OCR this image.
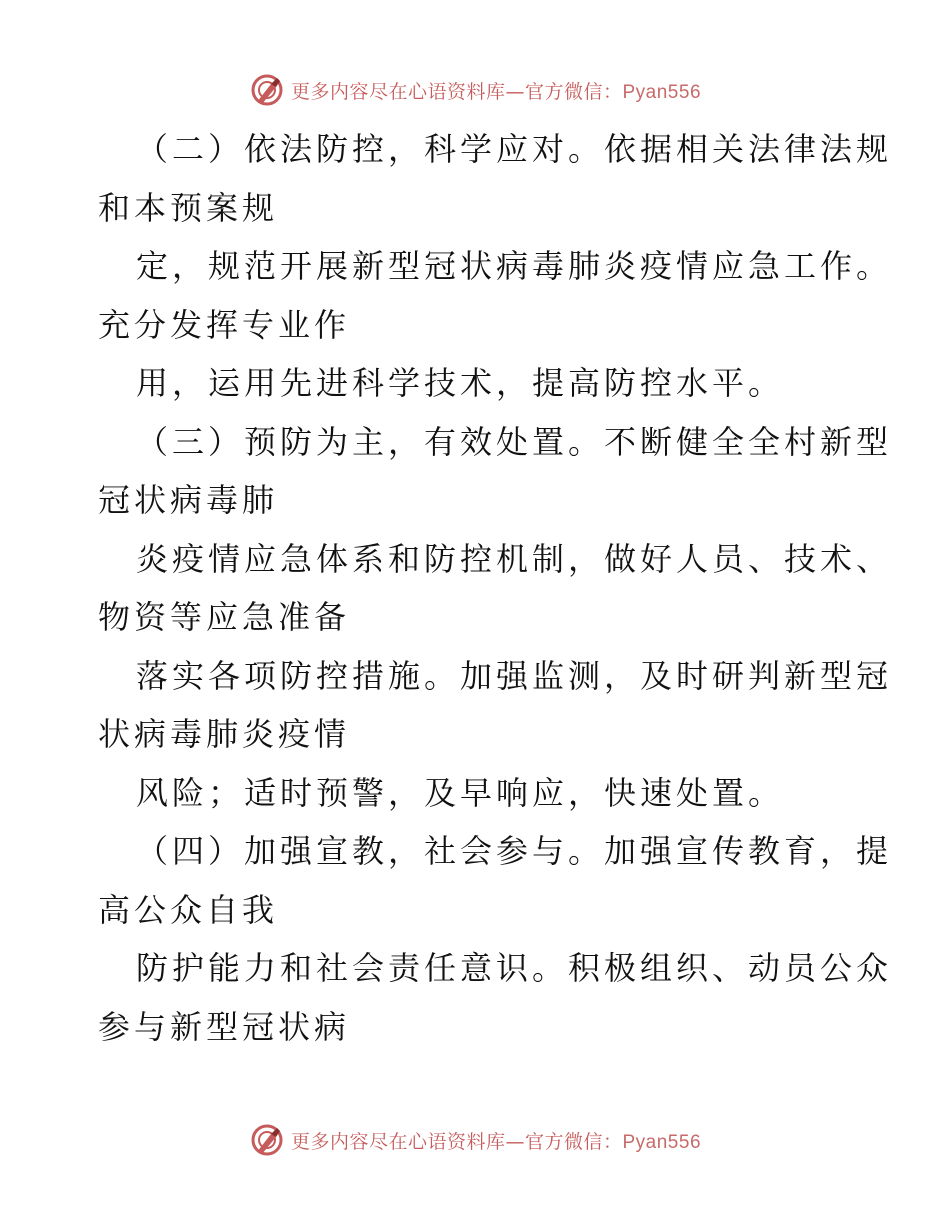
更多内容尽在心语资料库—官方微信：Pyan556
（二）依法防控，科学应对。依据相关法律法规
和本预案规
定，规范开展新型冠状病毒肺炎疫情应急工作。
充分发挥专业作
用，运用先进科学技术，提高防控水平。
（三）预防为主，有效处置。不断健全全村新型
冠状病毒肺
炎疫情应急体系和防控机制，做好人员、技术、
物资等应急准备
落实各项防控措施。加强监测，及时研判新型冠
状病毒肺炎疫情
风险；适时预警，及早响应，快速处置。
（四）加强宣教，社会参与。加强宣传教育，提
高公众自我
防护能力和社会责任意识。积极组织、动员公众
参与新型冠状病
更多内容尽在心语资料库—官方微信：Pyan556
